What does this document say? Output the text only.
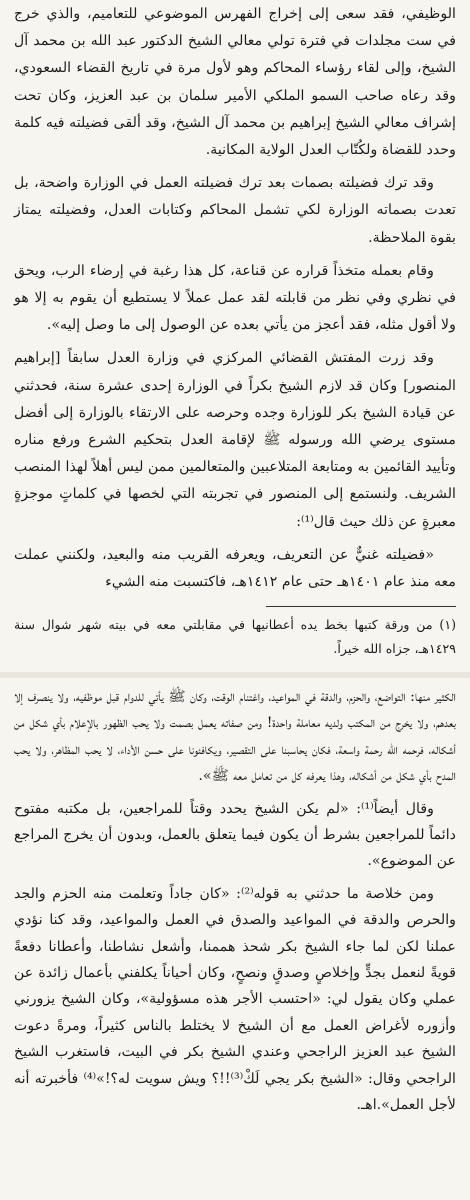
الوظيفي، فقد سعى إلى إخراج الفهرس الموضوعي للتعاميم، والذي خرج في ست مجلدات في فترة تولي معالي الشيخ الدكتور عبد الله بن محمد آل الشيخ، وإلى لقاء رؤساء المحاكم وهو لأول مرة في تاريخ القضاء السعودي، وقد رعاه صاحب السمو الملكي الأمير سلمان بن عبد العزيز، وكان تحت إشراف معالي الشيخ إبراهيم بن محمد آل الشيخ، وقد ألقى فضيلته فيه كلمة وحدد للقضاة ولكُتّاب العدل الولاية المكانية.

وقد ترك فضيلته بصمات بعد ترك فضيلته العمل في الوزارة واضحة، بل تعدت بصماته الوزارة لكي تشمل المحاكم وكتابات العدل، وفضيلته يمتاز بقوة الملاحظة.

وقام بعمله متخذاً قراره عن قناعة، كل هذا رغبة في إرضاء الرب، ويحق في نظري وفي نظر من قابلته لقد عمل عملاً لا يستطيع أن يقوم به إلا هو ولا أقول مثله، فقد أعجز من يأتي بعده عن الوصول إلى ما وصل إليه».

وقد زرت المفتش القضائي المركزي في وزارة العدل سابقاً [إبراهيم المنصور] وكان قد لازم الشيخ بكراً في الوزارة إحدى عشرة سنة، فحدثني عن قيادة الشيخ بكر للوزارة وجده وحرصه على الارتقاء بالوزارة إلى أفضل مستوى يرضي الله ورسوله ﷺ لإقامة العدل بتحكيم الشرع ورفع مناره وتأييد القائمين به ومتابعة المتلاعبين والمتعالمين ممن ليس أهلاً لهذا المنصب الشريف. ولنستمع إلى المنصور في تجربته التي لخصها في كلماتٍ موجزةٍ معبرةٍ عن ذلك حيث قال⁽¹⁾:

«فضيلته غنيٌّ عن التعريف، ويعرفه القريب منه والبعيد، ولكنني عملت معه منذ عام ١٤٠١هـ حتى عام ١٤١٢هـ، فاكتسبت منه الشيء

(١) من ورقة كتبها بخط يده أعطانيها في مقابلتي معه في بيته شهر شوال سنة ١٤٢٩هـ، جزاه الله خيراً.

الكثير منها: التواضع، والحزم، والدقة في المواعيد، واغتنام الوقت، وكان ﷺ يأتي للدوام قبل موظفيه، ولا ينصرف إلا بعدهم، ولا يخرج من المكتب ولديه معاملة واحدة! ومن صفاته يعمل بصمت ولا يحب الظهور بالإعلام بأي شكل من أشكاله، فرحمه الله رحمة واسعة، فكان يحاسبنا على التقصير، ويكافئونا على حسن الأداء، لا يحب المظاهر، ولا يحب المدح بأي شكل من أشكاله، وهذا يعرفه كل من تعامل معه ﷺ».

وقال أيضاً⁽¹⁾: «لم يكن الشيخ يحدد وقتاً للمراجعين، بل مكتبه مفتوح دائماً للمراجعين بشرط أن يكون فيما يتعلق بالعمل، وبدون أن يخرج المراجع عن الموضوع».

ومن خلاصة ما حدثني به قوله⁽²⁾: «كان جاداً وتعلمت منه الحزم والجد والحرص والدقة في المواعيد والصدق في العمل والمواعيد، وقد كنا نؤدي عملنا لكن لما جاء الشيخ بكر شحذ هممنا، وأشعل نشاطنا، وأعطانا دفعةً قويةً لنعمل بجدٍّ وإخلاصٍ وصدقٍ ونصحٍ، وكان أحياناً يكلفني بأعمال زائدة عن عملي وكان يقول لي: «احتسب الأجر هذه مسؤولية»، وكان الشيخ يزورني وأزوره لأغراض العمل مع أن الشيخ لا يختلط بالناس كثيراً، ومرةً دعوت الشيخ عبد العزيز الراجحي وعندي الشيخ بكر في البيت، فاستغرب الشيخ الراجحي وقال: «الشيخ بكر يجي لَكْ⁽³⁾!!؟ ويش سويت له؟!»⁽⁴⁾ فأخبرته أنه لأجل العمل».اهـ.
